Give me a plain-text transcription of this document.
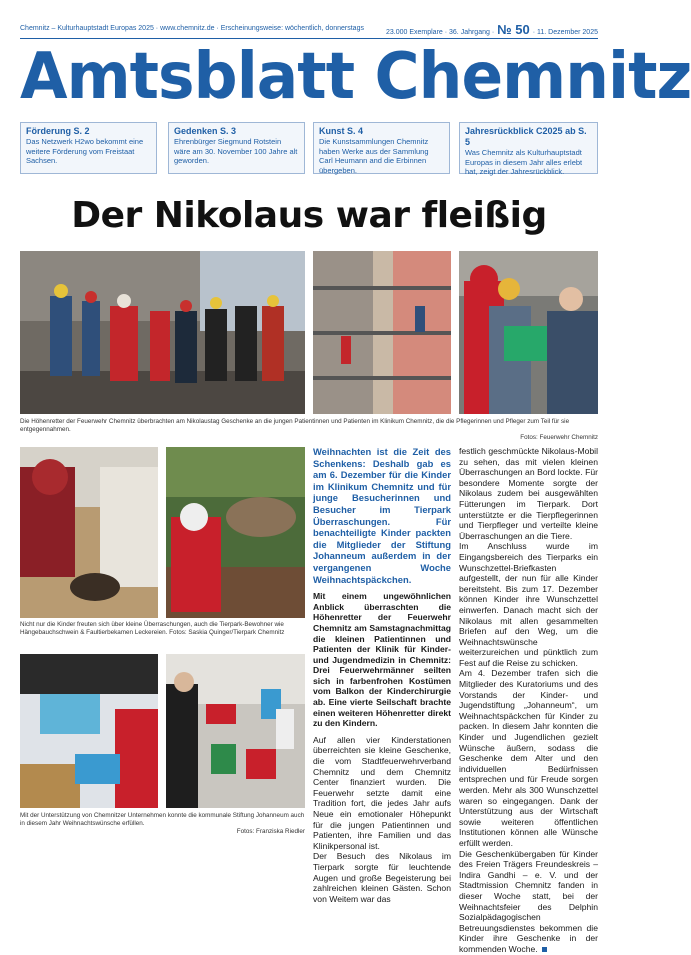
Chemnitz – Kulturhauptstadt Europas 2025 · www.chemnitz.de · Erscheinungsweise: wöchentlich, donnerstags
23.000 Exemplare · 36. Jahrgang · № 50 · 11. Dezember 2025
Amtsblatt Chemnitz
Förderung S. 2
Das Netzwerk H2wo bekommt eine weitere Förderung vom Freistaat Sachsen.
Gedenken S. 3
Ehrenbürger Siegmund Rotstein wäre am 30. November 100 Jahre alt geworden.
Kunst S. 4
Die Kunstsammlungen Chemnitz haben Werke aus der Sammlung Carl Heumann and die Erbinnen übergeben.
Jahresrückblick C2025 ab S. 5
Was Chemnitz als Kulturhauptstadt Europas in diesem Jahr alles erlebt hat, zeigt der Jahresrückblick.
Der Nikolaus war fleißig
Die Höhenretter der Feuerwehr Chemnitz überbrachten am Nikolaustag Geschenke an die jungen Patientinnen und Patienten im Klinikum Chemnitz, die die Pflegerinnen und Pfleger zum Teil für sie entgegennahmen.
Fotos: Feuerwehr Chemnitz
Nicht nur die Kinder freuten sich über kleine Überraschungen, auch die Tierpark-Bewohner wie Hängebauchschwein & Faultierbekamen Leckereien. Fotos: Saskia Quinger/Tierpark Chemnitz
Mit der Unterstützung von Chemnitzer Unternehmen konnte die kommunale Stiftung Johanneum auch in diesem Jahr Weihnachtswünsche erfüllen.
Fotos: Franziska Riedler

Weihnachten ist die Zeit des Schenkens: Deshalb gab es am 6. Dezember für die Kinder im Klinikum Chemnitz und für junge Besucherinnen und Besucher im Tierpark Überraschungen. Für benachteiligte Kinder packten die Mitglieder der Stiftung Johanneum außerdem in der vergangenen Woche Weihnachtspäckchen.

Mit einem ungewöhnlichen Anblick überraschten die Höhenretter der Feuerwehr Chemnitz am Samstagnachmittag die kleinen Patientinnen und Patienten der Klinik für Kinder- und Jugendmedizin in Chemnitz: Drei Feuerwehrmänner seilten sich in farbenfrohen Kostümen vom Balkon der Kinderchirurgie ab. Eine vierte Seilschaft brachte einen weiteren Höhenretter direkt zu den Kindern.

Auf allen vier Kinderstationen überreichten sie kleine Geschenke, die vom Stadtfeuerwehrverband Chemnitz und dem Chemnitz Center finanziert wurden. Die Feuerwehr setzte damit eine Tradition fort, die jedes Jahr aufs Neue ein emotionaler Höhepunkt für die jungen Patientinnen und Patienten, ihre Familien und das Klinikpersonal ist.

Der Besuch des Nikolaus im Tierpark sorgte für leuchtende Augen und große Begeisterung bei zahlreichen kleinen Gästen. Schon von Weitem war das

festlich geschmückte Nikolaus-Mobil zu sehen, das mit vielen kleinen Überraschungen an Bord lockte. Für besondere Momente sorgte der Nikolaus zudem bei ausgewählten Fütterungen im Tierpark. Dort unterstützte er die Tierpflegerinnen und Tierpfleger und verteilte kleine Überraschungen an die Tiere.

Im Anschluss wurde im Eingangsbereich des Tierparks ein Wunschzettel-Briefkasten aufgestellt, der nun für alle Kinder bereitsteht. Bis zum 17. Dezember können Kinder ihre Wunschzettel einwerfen. Danach macht sich der Nikolaus mit allen gesammelten Briefen auf den Weg, um die Weihnachtswünsche weiterzureichen und pünktlich zum Fest auf die Reise zu schicken.

Am 4. Dezember trafen sich die Mitglieder des Kuratoriums und des Vorstands der Kinder- und Jugendstiftung „Johanneum“, um Weihnachtspäckchen für Kinder zu packen. In diesem Jahr konnten die Kinder und Jugendlichen gezielt Wünsche äußern, sodass die Geschenke dem Alter und den individuellen Bedürfnissen entsprechen und für Freude sorgen werden. Mehr als 300 Wunschzettel waren so eingegangen. Dank der Unterstützung aus der Wirtschaft sowie weiteren öffentlichen Institutionen können alle Wünsche erfüllt werden.

Die Geschenkübergaben für Kinder des Freien Trägers Freundeskreis – Indira Gandhi – e. V. und der Stadtmission Chemnitz fanden in dieser Woche statt, bei der Weihnachtsfeier des Delphin Sozialpädagogischen Betreuungsdienstes bekommen die Kinder ihre Geschenke in der kommenden Woche.
